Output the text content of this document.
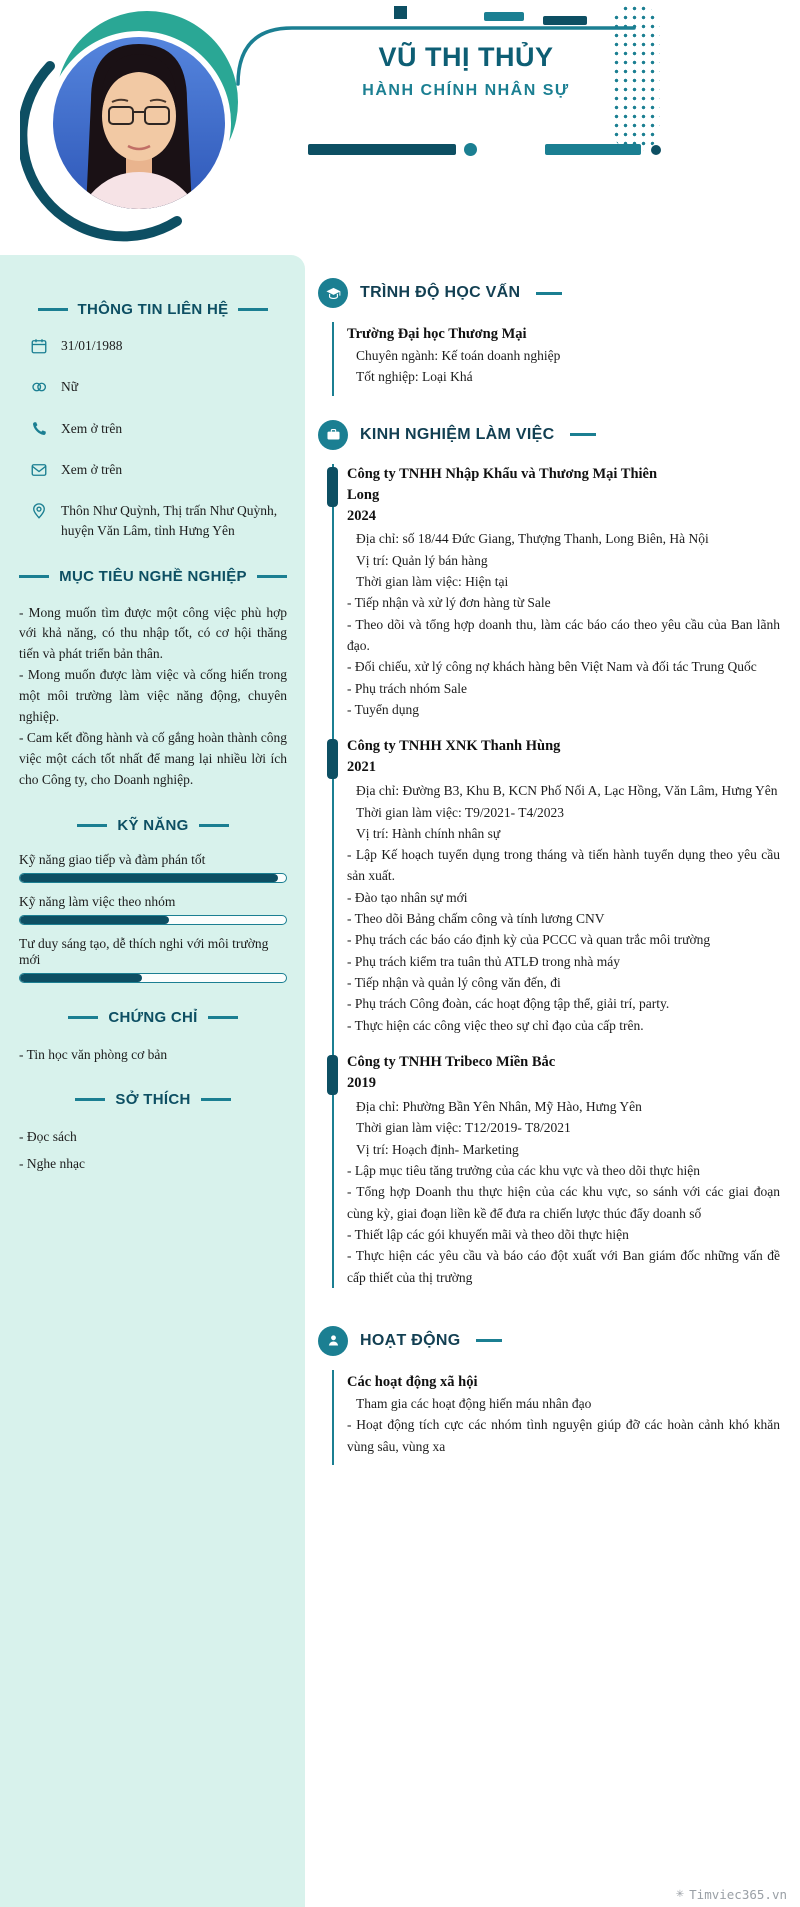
VŨ THỊ THỦY
HÀNH CHÍNH NHÂN SỰ
THÔNG TIN LIÊN HỆ
31/01/1988
Nữ
Xem ở trên
Xem ở trên
Thôn Như Quỳnh, Thị trấn Như Quỳnh, huyện Văn Lâm, tỉnh Hưng Yên
MỤC TIÊU NGHỀ NGHIỆP
- Mong muốn tìm được một công việc phù hợp với khả năng, có thu nhập tốt, có cơ hội thăng tiến và phát triển bản thân.
- Mong muốn được làm việc và cống hiến trong một môi trường làm việc năng động, chuyên nghiệp.
- Cam kết đồng hành và cố gắng hoàn thành công việc một cách tốt nhất để mang lại nhiều lời ích cho Công ty, cho Doanh nghiệp.
KỸ NĂNG
Kỹ năng giao tiếp và đàm phán tốt
Kỹ năng làm việc theo nhóm
Tư duy sáng tạo, dễ thích nghi với môi trường mới
CHỨNG CHỈ
- Tin học văn phòng cơ bản
SỞ THÍCH
- Đọc sách
- Nghe nhạc
TRÌNH ĐỘ HỌC VẤN
Trường Đại học Thương Mại
Chuyên ngành: Kế toán doanh nghiệp
Tốt nghiệp: Loại Khá
KINH NGHIỆM LÀM VIỆC
Công ty TNHH Nhập Khẩu và Thương Mại Thiên Long
2024
Địa chỉ: số 18/44 Đức Giang, Thượng Thanh, Long Biên, Hà Nội
Vị trí: Quản lý bán hàng
Thời gian làm việc: Hiện tại
- Tiếp nhận và xử lý đơn hàng từ Sale
- Theo dõi và tổng hợp doanh thu, làm các báo cáo theo yêu cầu của Ban lãnh đạo.
- Đối chiếu, xử lý công nợ khách hàng bên Việt Nam và đối tác Trung Quốc
- Phụ trách nhóm Sale
- Tuyển dụng
Công ty TNHH XNK Thanh Hùng
2021
Địa chỉ: Đường B3, Khu B, KCN Phố Nối A, Lạc Hồng, Văn Lâm, Hưng Yên
Thời gian làm việc: T9/2021- T4/2023
Vị trí: Hành chính nhân sự
- Lập Kế hoạch tuyển dụng trong tháng và tiến hành tuyển dụng theo yêu cầu sản xuất.
- Đào tạo nhân sự mới
- Theo dõi Bảng chấm công và tính lương CNV
- Phụ trách các báo cáo định kỳ của PCCC và quan trắc môi trường
- Phụ trách kiểm tra tuân thủ ATLĐ trong nhà máy
- Tiếp nhận và quản lý công văn đến, đi
- Phụ trách Công đoàn, các hoạt động tập thể, giải trí, party.
- Thực hiện các công việc theo sự chỉ đạo của cấp trên.
Công ty TNHH Tribeco Miền Bắc
2019
Địa chỉ: Phường Bần Yên Nhân, Mỹ Hào, Hưng Yên
Thời gian làm việc: T12/2019- T8/2021
Vị trí: Hoạch định- Marketing
- Lập mục tiêu tăng trưởng của các khu vực và theo dõi thực hiện
- Tổng hợp Doanh thu thực hiện của các khu vực, so sánh với các giai đoạn cùng kỳ, giai đoạn liền kề để đưa ra chiến lược thúc đẩy doanh số
- Thiết lập các gói khuyến mãi và theo dõi thực hiện
- Thực hiện các yêu cầu và báo cáo đột xuất với Ban giám đốc những vấn đề cấp thiết của thị trường
HOẠT ĐỘNG
Các hoạt động xã hội
Tham gia các hoạt động hiến máu nhân đạo
- Hoạt động tích cực các nhóm tình nguyện giúp đỡ các hoàn cảnh khó khăn vùng sâu, vùng xa
✳ Timviec365.vn
